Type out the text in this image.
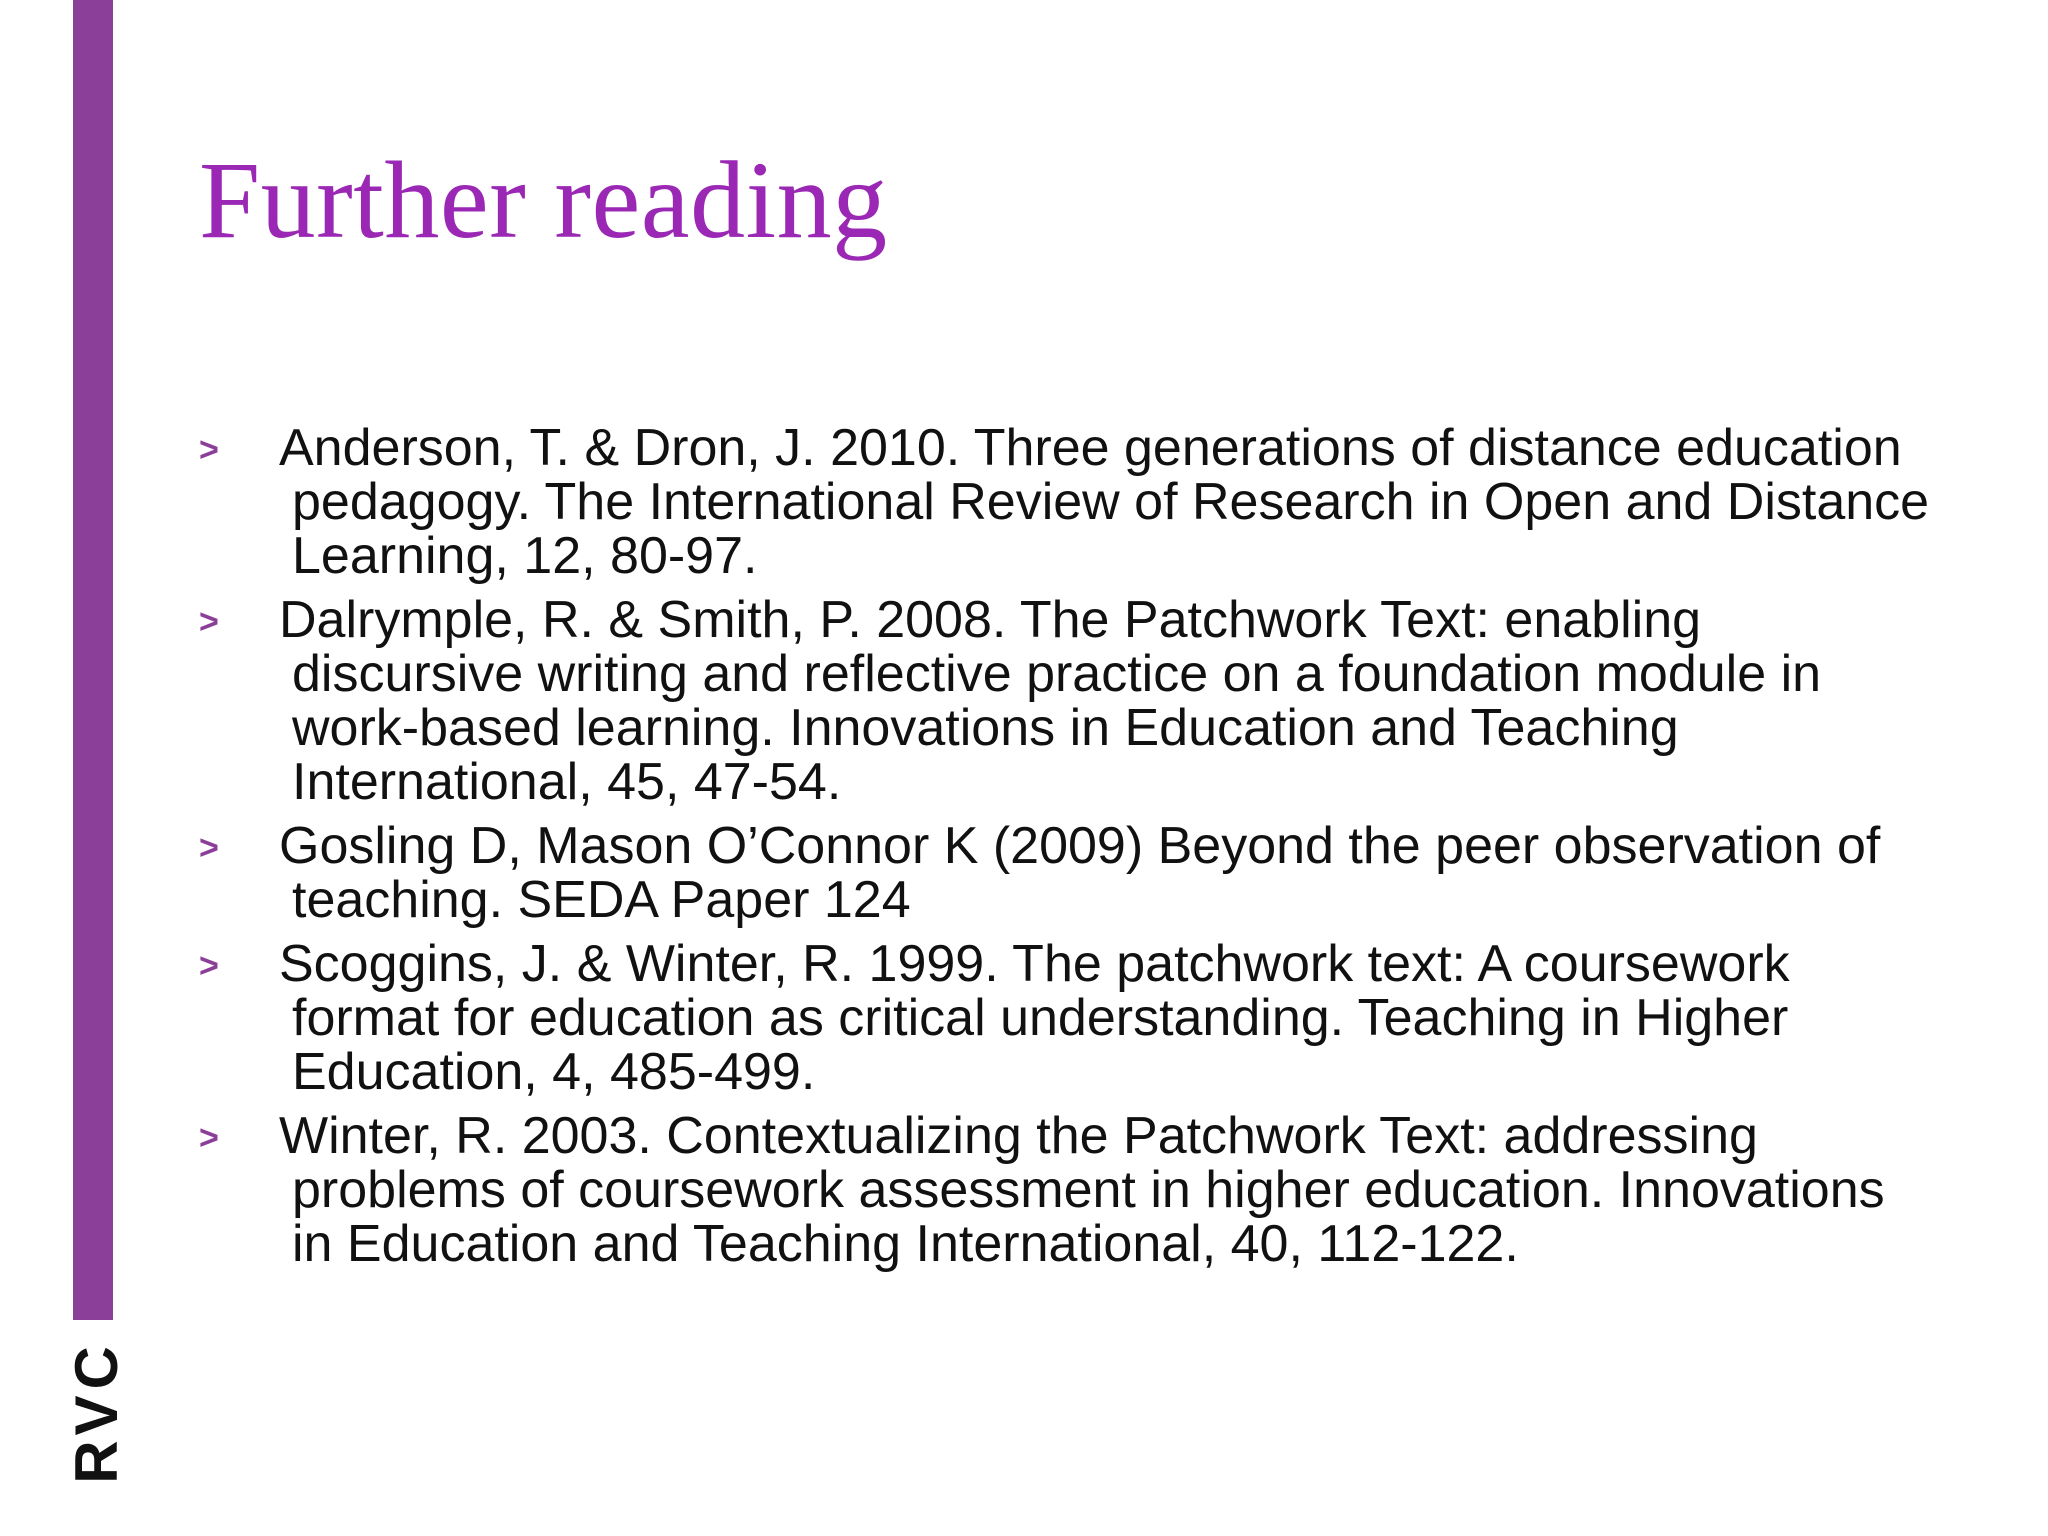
RVC
Further reading
> Anderson, T. & Dron, J. 2010. Three generations of distance education pedagogy. The International Review of Research in Open and Distance Learning, 12, 80-97.
> Dalrymple, R. & Smith, P. 2008. The Patchwork Text: enabling discursive writing and reflective practice on a foundation module in work-based learning. Innovations in Education and Teaching International, 45, 47-54.
> Gosling D, Mason O’Connor K (2009) Beyond the peer observation of teaching. SEDA Paper 124
> Scoggins, J. & Winter, R. 1999. The patchwork text: A coursework format for education as critical understanding. Teaching in Higher Education, 4, 485-499.
> Winter, R. 2003. Contextualizing the Patchwork Text: addressing problems of coursework assessment in higher education. Innovations in Education and Teaching International, 40, 112-122.
